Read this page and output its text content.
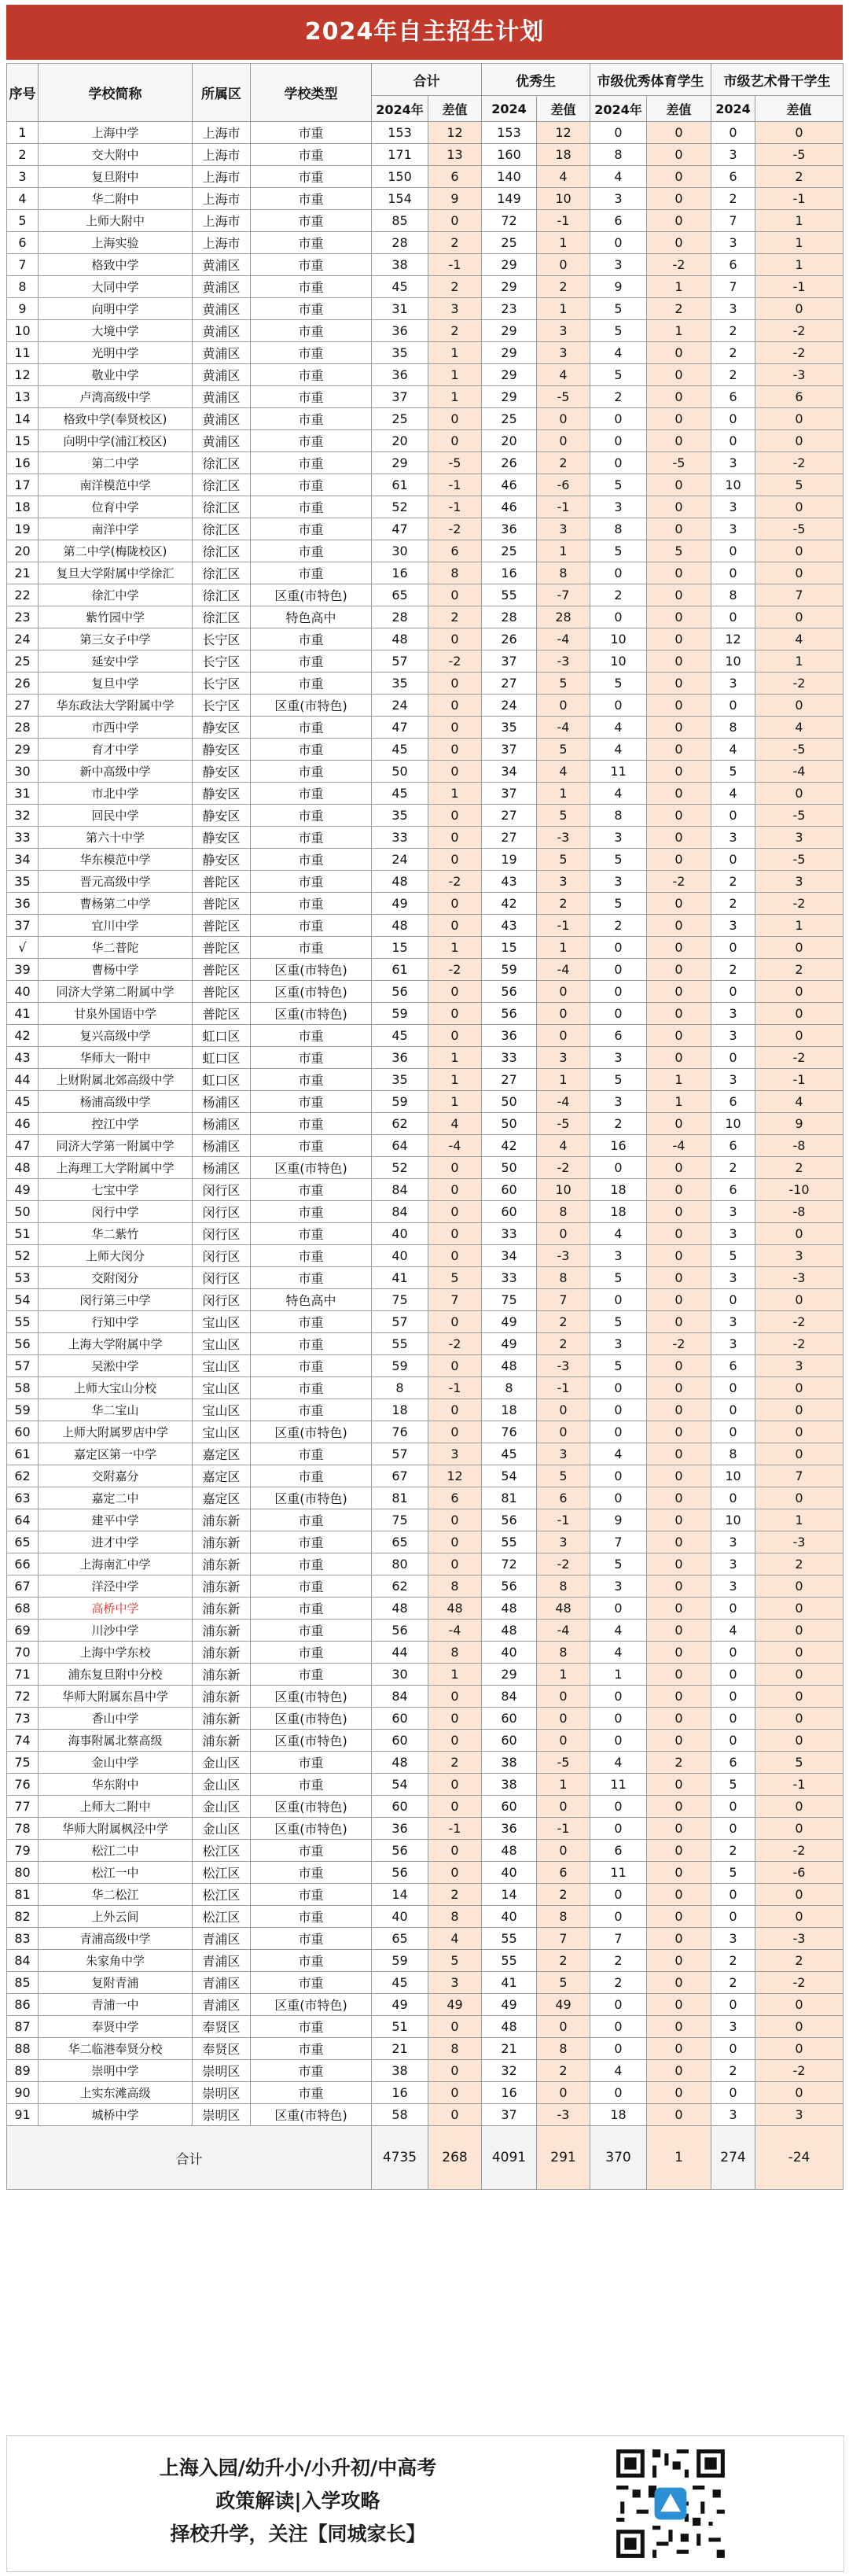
2024年自主招生计划
序号	学校简称	所属区	学校类型	合计		优秀生		市级优秀体育学生		市级艺术骨干学生	
				2024年	差值	2024	差值	2024年	差值	2024	差值
1	上海中学	上海市	市重	153	12	153	12	0	0	0	0
2	交大附中	上海市	市重	171	13	160	18	8	0	3	-5
3	复旦附中	上海市	市重	150	6	140	4	4	0	6	2
4	华二附中	上海市	市重	154	9	149	10	3	0	2	-1
5	上师大附中	上海市	市重	85	0	72	-1	6	0	7	1
6	上海实验	上海市	市重	28	2	25	1	0	0	3	1
7	格致中学	黄浦区	市重	38	-1	29	0	3	-2	6	1
8	大同中学	黄浦区	市重	45	2	29	2	9	1	7	-1
9	向明中学	黄浦区	市重	31	3	23	1	5	2	3	0
10	大境中学	黄浦区	市重	36	2	29	3	5	1	2	-2
11	光明中学	黄浦区	市重	35	1	29	3	4	0	2	-2
12	敬业中学	黄浦区	市重	36	1	29	4	5	0	2	-3
13	卢湾高级中学	黄浦区	市重	37	1	29	-5	2	0	6	6
14	格致中学(奉贤校区)	黄浦区	市重	25	0	25	0	0	0	0	0
15	向明中学(浦江校区)	黄浦区	市重	20	0	20	0	0	0	0	0
16	第二中学	徐汇区	市重	29	-5	26	2	0	-5	3	-2
17	南洋模范中学	徐汇区	市重	61	-1	46	-6	5	0	10	5
18	位育中学	徐汇区	市重	52	-1	46	-1	3	0	3	0
19	南洋中学	徐汇区	市重	47	-2	36	3	8	0	3	-5
20	第二中学(梅陇校区)	徐汇区	市重	30	6	25	1	5	5	0	0
21	复旦大学附属中学徐汇	徐汇区	市重	16	8	16	8	0	0	0	0
22	徐汇中学	徐汇区	区重(市特色)	65	0	55	-7	2	0	8	7
23	紫竹园中学	徐汇区	特色高中	28	2	28	28	0	0	0	0
24	第三女子中学	长宁区	市重	48	0	26	-4	10	0	12	4
25	延安中学	长宁区	市重	57	-2	37	-3	10	0	10	1
26	复旦中学	长宁区	市重	35	0	27	5	5	0	3	-2
27	华东政法大学附属中学	长宁区	区重(市特色)	24	0	24	0	0	0	0	0
28	市西中学	静安区	市重	47	0	35	-4	4	0	8	4
29	育才中学	静安区	市重	45	0	37	5	4	0	4	-5
30	新中高级中学	静安区	市重	50	0	34	4	11	0	5	-4
31	市北中学	静安区	市重	45	1	37	1	4	0	4	0
32	回民中学	静安区	市重	35	0	27	5	8	0	0	-5
33	第六十中学	静安区	市重	33	0	27	-3	3	0	3	3
34	华东模范中学	静安区	市重	24	0	19	5	5	0	0	-5
35	晋元高级中学	普陀区	市重	48	-2	43	3	3	-2	2	3
36	曹杨第二中学	普陀区	市重	49	0	42	2	5	0	2	-2
37	宜川中学	普陀区	市重	48	0	43	-1	2	0	3	1
√	华二普陀	普陀区	市重	15	1	15	1	0	0	0	0
39	曹杨中学	普陀区	区重(市特色)	61	-2	59	-4	0	0	2	2
40	同济大学第二附属中学	普陀区	区重(市特色)	56	0	56	0	0	0	0	0
41	甘泉外国语中学	普陀区	区重(市特色)	59	0	56	0	0	0	3	0
42	复兴高级中学	虹口区	市重	45	0	36	0	6	0	3	0
43	华师大一附中	虹口区	市重	36	1	33	3	3	0	0	-2
44	上财附属北郊高级中学	虹口区	市重	35	1	27	1	5	1	3	-1
45	杨浦高级中学	杨浦区	市重	59	1	50	-4	3	1	6	4
46	控江中学	杨浦区	市重	62	4	50	-5	2	0	10	9
47	同济大学第一附属中学	杨浦区	市重	64	-4	42	4	16	-4	6	-8
48	上海理工大学附属中学	杨浦区	区重(市特色)	52	0	50	-2	0	0	2	2
49	七宝中学	闵行区	市重	84	0	60	10	18	0	6	-10
50	闵行中学	闵行区	市重	84	0	60	8	18	0	3	-8
51	华二紫竹	闵行区	市重	40	0	33	0	4	0	3	0
52	上师大闵分	闵行区	市重	40	0	34	-3	3	0	5	3
53	交附闵分	闵行区	市重	41	5	33	8	5	0	3	-3
54	闵行第三中学	闵行区	特色高中	75	7	75	7	0	0	0	0
55	行知中学	宝山区	市重	57	0	49	2	5	0	3	-2
56	上海大学附属中学	宝山区	市重	55	-2	49	2	3	-2	3	-2
57	吴淞中学	宝山区	市重	59	0	48	-3	5	0	6	3
58	上师大宝山分校	宝山区	市重	8	-1	8	-1	0	0	0	0
59	华二宝山	宝山区	市重	18	0	18	0	0	0	0	0
60	上师大附属罗店中学	宝山区	区重(市特色)	76	0	76	0	0	0	0	0
61	嘉定区第一中学	嘉定区	市重	57	3	45	3	4	0	8	0
62	交附嘉分	嘉定区	市重	67	12	54	5	0	0	10	7
63	嘉定二中	嘉定区	区重(市特色)	81	6	81	6	0	0	0	0
64	建平中学	浦东新	市重	75	0	56	-1	9	0	10	1
65	进才中学	浦东新	市重	65	0	55	3	7	0	3	-3
66	上海南汇中学	浦东新	市重	80	0	72	-2	5	0	3	2
67	洋泾中学	浦东新	市重	62	8	56	8	3	0	3	0
68	高桥中学	浦东新	市重	48	48	48	48	0	0	0	0
69	川沙中学	浦东新	市重	56	-4	48	-4	4	0	4	0
70	上海中学东校	浦东新	市重	44	8	40	8	4	0	0	0
71	浦东复旦附中分校	浦东新	市重	30	1	29	1	1	0	0	0
72	华师大附属东昌中学	浦东新	区重(市特色)	84	0	84	0	0	0	0	0
73	香山中学	浦东新	区重(市特色)	60	0	60	0	0	0	0	0
74	海事附属北蔡高级	浦东新	区重(市特色)	60	0	60	0	0	0	0	0
75	金山中学	金山区	市重	48	2	38	-5	4	2	6	5
76	华东附中	金山区	市重	54	0	38	1	11	0	5	-1
77	上师大二附中	金山区	区重(市特色)	60	0	60	0	0	0	0	0
78	华师大附属枫泾中学	金山区	区重(市特色)	36	-1	36	-1	0	0	0	0
79	松江二中	松江区	市重	56	0	48	0	6	0	2	-2
80	松江一中	松江区	市重	56	0	40	6	11	0	5	-6
81	华二松江	松江区	市重	14	2	14	2	0	0	0	0
82	上外云间	松江区	市重	40	8	40	8	0	0	0	0
83	青浦高级中学	青浦区	市重	65	4	55	7	7	0	3	-3
84	朱家角中学	青浦区	市重	59	5	55	2	2	0	2	2
85	复附青浦	青浦区	市重	45	3	41	5	2	0	2	-2
86	青浦一中	青浦区	区重(市特色)	49	49	49	49	0	0	0	0
87	奉贤中学	奉贤区	市重	51	0	48	0	0	0	3	0
88	华二临港奉贤分校	奉贤区	市重	21	8	21	8	0	0	0	0
89	崇明中学	崇明区	市重	38	0	32	2	4	0	2	-2
90	上实东滩高级	崇明区	市重	16	0	16	0	0	0	0	0
91	城桥中学	崇明区	区重(市特色)	58	0	37	-3	18	0	3	3
合计				4735	268	4091	291	370	1	274	-24
上海入园/幼升小/小升初/中高考
政策解读|入学攻略
择校升学，关注【同城家长】
